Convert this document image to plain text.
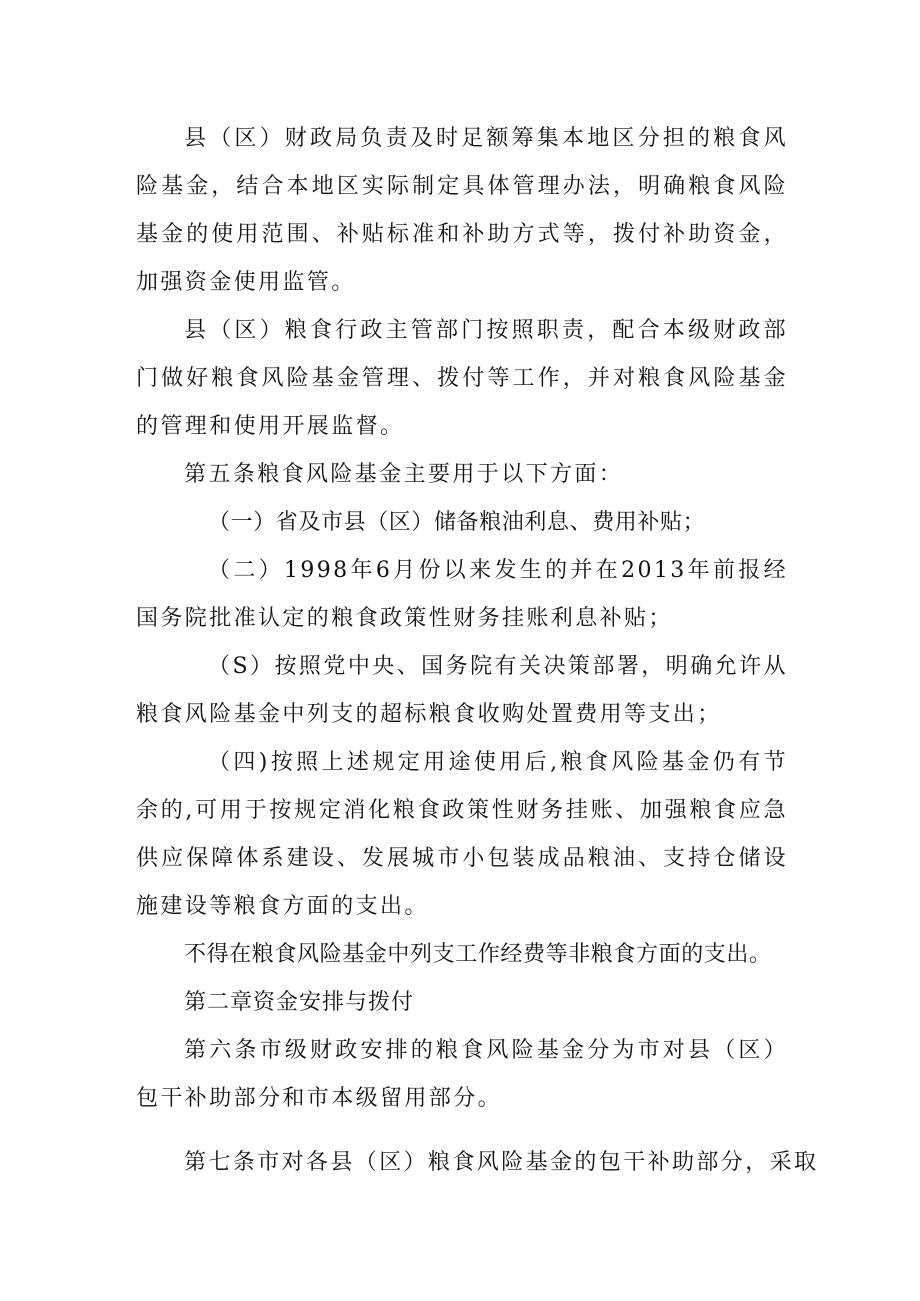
县（区）财政局负责及时足额筹集本地区分担的粮食风险基金，结合本地区实际制定具体管理办法，明确粮食风险基金的使用范围、补贴标准和补助方式等，拨付补助资金，加强资金使用监管。

县（区）粮食行政主管部门按照职责，配合本级财政部门做好粮食风险基金管理、拨付等工作，并对粮食风险基金的管理和使用开展监督。

第五条粮食风险基金主要用于以下方面：

（一）省及市县（区）储备粮油利息、费用补贴；

（二）1998年6月份以来发生的并在2013年前报经国务院批准认定的粮食政策性财务挂账利息补贴；

（S）按照党中央、国务院有关决策部署，明确允许从粮食风险基金中列支的超标粮食收购处置费用等支出；

（四)按照上述规定用途使用后,粮食风险基金仍有节余的,可用于按规定消化粮食政策性财务挂账、加强粮食应急供应保障体系建设、发展城市小包装成品粮油、支持仓储设施建设等粮食方面的支出。

不得在粮食风险基金中列支工作经费等非粮食方面的支出。

第二章资金安排与拨付

第六条市级财政安排的粮食风险基金分为市对县（区）包干补助部分和市本级留用部分。

第七条市对各县（区）粮食风险基金的包干补助部分，采取
